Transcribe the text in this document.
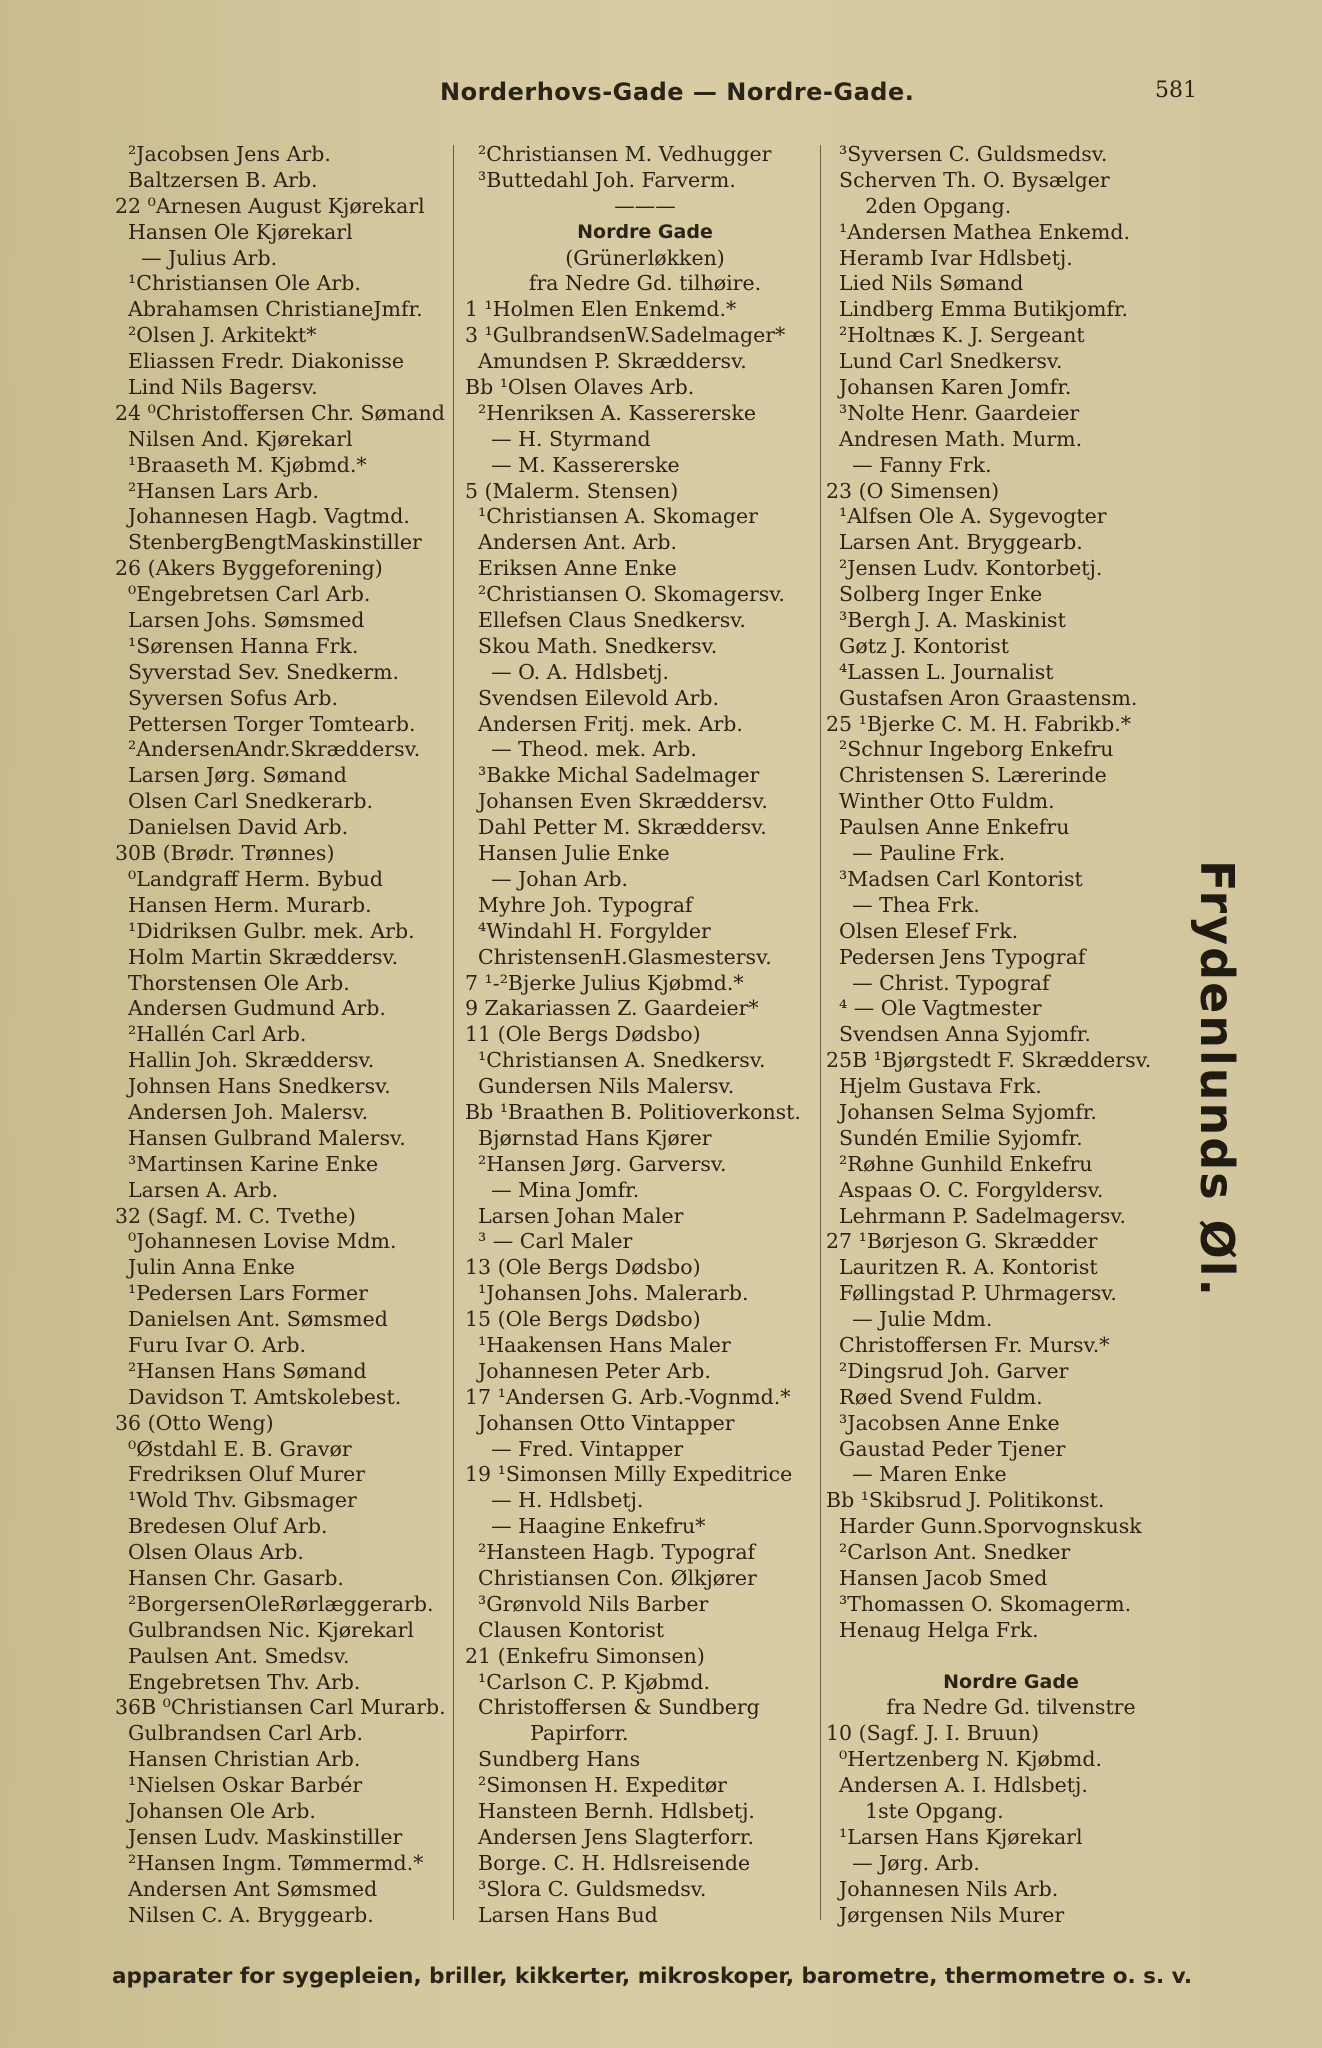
Norderhovs-Gade — Nordre-Gade.	581
²Jacobsen Jens Arb.
Baltzersen B. Arb.
22 ⁰Arnesen August Kjørekarl
Hansen Ole Kjørekarl
— Julius Arb.
¹Christiansen Ole Arb.
Abrahamsen ChristianeJmfr.
²Olsen J. Arkitekt*
Eliassen Fredr. Diakonisse
Lind Nils Bagersv.
24 ⁰Christoffersen Chr. Sømand
Nilsen And. Kjørekarl
¹Braaseth M. Kjøbmd.*
²Hansen Lars Arb.
Johannesen Hagb. Vagtmd.
StenbergBengtMaskinstiller
26 (Akers Byggeforening)
⁰Engebretsen Carl Arb.
Larsen Johs. Sømsmed
¹Sørensen Hanna Frk.
Syverstad Sev. Snedkerm.
Syversen Sofus Arb.
Pettersen Torger Tomtearb.
²AndersenAndr.Skræddersv.
Larsen Jørg. Sømand
Olsen Carl Snedkerarb.
Danielsen David Arb.
30B (Brødr. Trønnes)
⁰Landgraff Herm. Bybud
Hansen Herm. Murarb.
¹Didriksen Gulbr. mek. Arb.
Holm Martin Skræddersv.
Thorstensen Ole Arb.
Andersen Gudmund Arb.
²Hallén Carl Arb.
Hallin Joh. Skræddersv.
Johnsen Hans Snedkersv.
Andersen Joh. Malersv.
Hansen Gulbrand Malersv.
³Martinsen Karine Enke
Larsen A. Arb.
32 (Sagf. M. C. Tvethe)
⁰Johannesen Lovise Mdm.
Julin Anna Enke
¹Pedersen Lars Former
Danielsen Ant. Sømsmed
Furu Ivar O. Arb.
²Hansen Hans Sømand
Davidson T. Amtskolebest.
36 (Otto Weng)
⁰Østdahl E. B. Gravør
Fredriksen Oluf Murer
¹Wold Thv. Gibsmager
Bredesen Oluf Arb.
Olsen Olaus Arb.
Hansen Chr. Gasarb.
²BorgersenOleRørlæggerarb.
Gulbrandsen Nic. Kjørekarl
Paulsen Ant. Smedsv.
Engebretsen Thv. Arb.
36B ⁰Christiansen Carl Murarb.
Gulbrandsen Carl Arb.
Hansen Christian Arb.
¹Nielsen Oskar Barbér
Johansen Ole Arb.
Jensen Ludv. Maskinstiller
²Hansen Ingm. Tømmermd.*
Andersen Ant Sømsmed
Nilsen C. A. Bryggearb.
²Christiansen M. Vedhugger
³Buttedahl Joh. Farverm.
———
Nordre Gade
(Grünerløkken)
fra Nedre Gd. tilhøire.
1 ¹Holmen Elen Enkemd.*
3 ¹GulbrandsenW.Sadelmager*
Amundsen P. Skræddersv.
Bb ¹Olsen Olaves Arb.
²Henriksen A. Kassererske
— H. Styrmand
— M. Kassererske
5 (Malerm. Stensen)
¹Christiansen A. Skomager
Andersen Ant. Arb.
Eriksen Anne Enke
²Christiansen O. Skomagersv.
Ellefsen Claus Snedkersv.
Skou Math. Snedkersv.
— O. A. Hdlsbetj.
Svendsen Eilevold Arb.
Andersen Fritj. mek. Arb.
— Theod. mek. Arb.
³Bakke Michal Sadelmager
Johansen Even Skræddersv.
Dahl Petter M. Skræddersv.
Hansen Julie Enke
— Johan Arb.
Myhre Joh. Typograf
⁴Windahl H. Forgylder
ChristensenH.Glasmestersv.
7 ¹-²Bjerke Julius Kjøbmd.*
9 Zakariassen Z. Gaardeier*
11 (Ole Bergs Dødsbo)
¹Christiansen A. Snedkersv.
Gundersen Nils Malersv.
Bb ¹Braathen B. Politioverkonst.
Bjørnstad Hans Kjører
²Hansen Jørg. Garversv.
— Mina Jomfr.
Larsen Johan Maler
³ — Carl Maler
13 (Ole Bergs Dødsbo)
¹Johansen Johs. Malerarb.
15 (Ole Bergs Dødsbo)
¹Haakensen Hans Maler
Johannesen Peter Arb.
17 ¹Andersen G. Arb.-Vognmd.*
Johansen Otto Vintapper
— Fred. Vintapper
19 ¹Simonsen Milly Expeditrice
— H. Hdlsbetj.
— Haagine Enkefru*
²Hansteen Hagb. Typograf
Christiansen Con. Ølkjører
³Grønvold Nils Barber
Clausen Kontorist
21 (Enkefru Simonsen)
¹Carlson C. P. Kjøbmd.
Christoffersen & Sundberg
Papirforr.
Sundberg Hans
²Simonsen H. Expeditør
Hansteen Bernh. Hdlsbetj.
Andersen Jens Slagterforr.
Borge. C. H. Hdlsreisende
³Slora C. Guldsmedsv.
Larsen Hans Bud
³Syversen C. Guldsmedsv.
Scherven Th. O. Bysælger
2den Opgang.
¹Andersen Mathea Enkemd.
Heramb Ivar Hdlsbetj.
Lied Nils Sømand
Lindberg Emma Butikjomfr.
²Holtnæs K. J. Sergeant
Lund Carl Snedkersv.
Johansen Karen Jomfr.
³Nolte Henr. Gaardeier
Andresen Math. Murm.
— Fanny Frk.
23 (O Simensen)
¹Alfsen Ole A. Sygevogter
Larsen Ant. Bryggearb.
²Jensen Ludv. Kontorbetj.
Solberg Inger Enke
³Bergh J. A. Maskinist
Gøtz J. Kontorist
⁴Lassen L. Journalist
Gustafsen Aron Graastensm.
25 ¹Bjerke C. M. H. Fabrikb.*
²Schnur Ingeborg Enkefru
Christensen S. Lærerinde
Winther Otto Fuldm.
Paulsen Anne Enkefru
— Pauline Frk.
³Madsen Carl Kontorist
— Thea Frk.
Olsen Elesef Frk.
Pedersen Jens Typograf
— Christ. Typograf
⁴ — Ole Vagtmester
Svendsen Anna Syjomfr.
25B ¹Bjørgstedt F. Skræddersv.
Hjelm Gustava Frk.
Johansen Selma Syjomfr.
Sundén Emilie Syjomfr.
²Røhne Gunhild Enkefru
Aspaas O. C. Forgyldersv.
Lehrmann P. Sadelmagersv.
27 ¹Børjeson G. Skrædder
Lauritzen R. A. Kontorist
Føllingstad P. Uhrmagersv.
— Julie Mdm.
Christoffersen Fr. Mursv.*
²Dingsrud Joh. Garver
Røed Svend Fuldm.
³Jacobsen Anne Enke
Gaustad Peder Tjener
— Maren Enke
Bb ¹Skibsrud J. Politikonst.
Harder Gunn.Sporvognskusk
²Carlson Ant. Snedker
Hansen Jacob Smed
³Thomassen O. Skomagerm.
Henaug Helga Frk.
Nordre Gade
fra Nedre Gd. tilvenstre
10 (Sagf. J. I. Bruun)
⁰Hertzenberg N. Kjøbmd.
Andersen A. I. Hdlsbetj.
1ste Opgang.
¹Larsen Hans Kjørekarl
— Jørg. Arb.
Johannesen Nils Arb.
Jørgensen Nils Murer
Frydenlunds Øl.
apparater for sygepleien, briller, kikkerter, mikroskoper, barometre, thermometre o. s. v.
